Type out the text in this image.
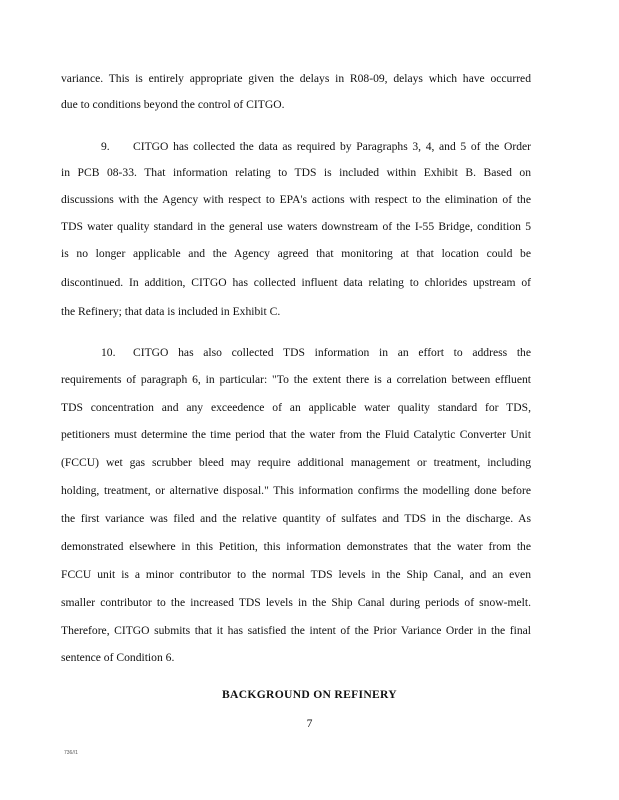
variance. This is entirely appropriate given the delays in R08-09, delays which have occurred
due to conditions beyond the control of CITGO.
9. CITGO has collected the data as required by Paragraphs 3, 4, and 5 of the Order
in PCB 08-33. That information relating to TDS is included within Exhibit B. Based on
discussions with the Agency with respect to EPA's actions with respect to the elimination of the
TDS water quality standard in the general use waters downstream of the I-55 Bridge, condition 5
is no longer applicable and the Agency agreed that monitoring at that location could be
discontinued. In addition, CITGO has collected influent data relating to chlorides upstream of
the Refinery; that data is included in Exhibit C.
10. CITGO has also collected TDS information in an effort to address the
requirements of paragraph 6, in particular: "To the extent there is a correlation between effluent
TDS concentration and any exceedence of an applicable water quality standard for TDS,
petitioners must determine the time period that the water from the Fluid Catalytic Converter Unit
(FCCU) wet gas scrubber bleed may require additional management or treatment, including
holding, treatment, or alternative disposal." This information confirms the modelling done before
the first variance was filed and the relative quantity of sulfates and TDS in the discharge. As
demonstrated elsewhere in this Petition, this information demonstrates that the water from the
FCCU unit is a minor contributor to the normal TDS levels in the Ship Canal, and an even
smaller contributor to the increased TDS levels in the Ship Canal during periods of snow-melt.
Therefore, CITGO submits that it has satisfied the intent of the Prior Variance Order in the final
sentence of Condition 6.
BACKGROUND ON REFINERY
7
736//1
